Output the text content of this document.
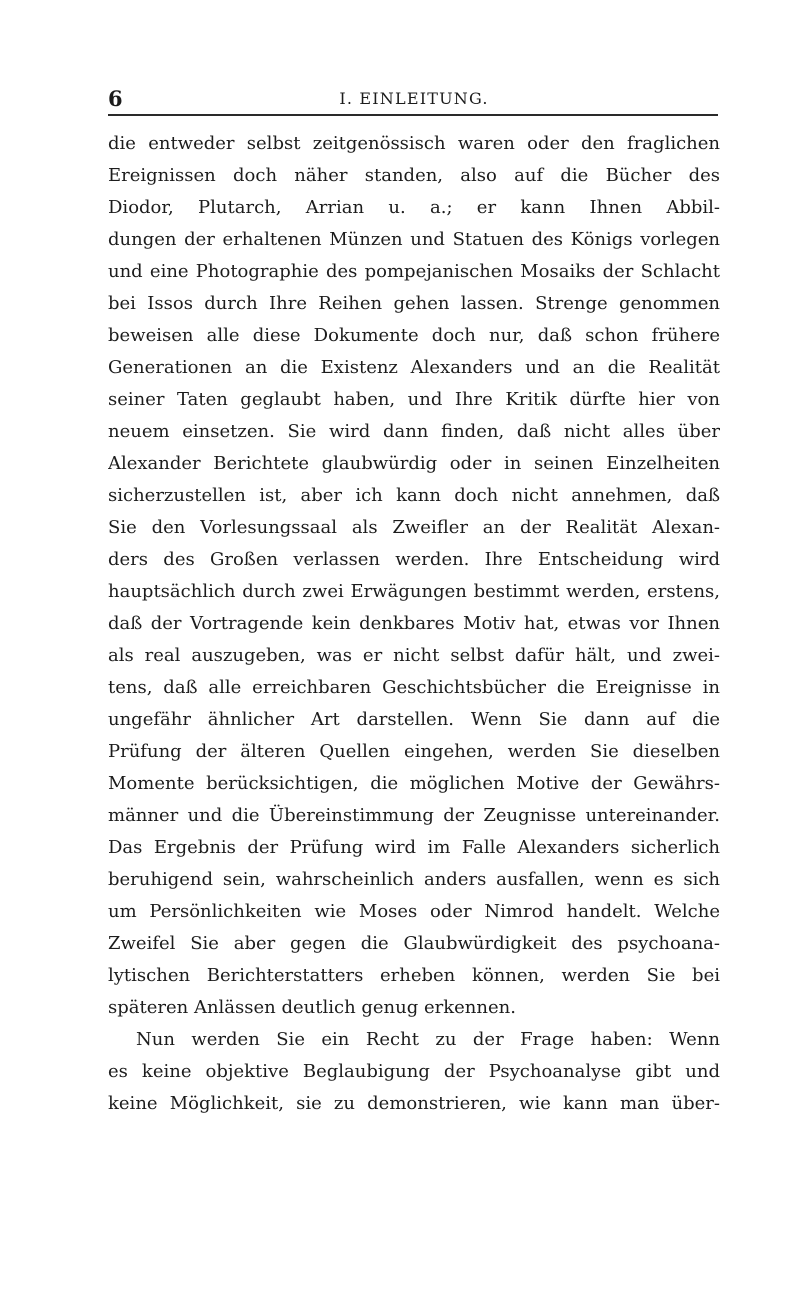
6	I. EINLEITUNG.
die entweder selbst zeitgenössisch waren oder den fraglichen
Ereignissen doch näher standen, also auf die Bücher des
Diodor, Plutarch, Arrian u. a.; er kann Ihnen Abbil-
dungen der erhaltenen Münzen und Statuen des Königs vorlegen
und eine Photographie des pompejanischen Mosaiks der Schlacht
bei Issos durch Ihre Reihen gehen lassen. Strenge genommen
beweisen alle diese Dokumente doch nur, daß schon frühere
Generationen an die Existenz Alexanders und an die Realität
seiner Taten geglaubt haben, und Ihre Kritik dürfte hier von
neuem einsetzen. Sie wird dann finden, daß nicht alles über
Alexander Berichtete glaubwürdig oder in seinen Einzelheiten
sicherzustellen ist, aber ich kann doch nicht annehmen, daß
Sie den Vorlesungssaal als Zweifler an der Realität Alexan-
ders des Großen verlassen werden. Ihre Entscheidung wird
hauptsächlich durch zwei Erwägungen bestimmt werden, erstens,
daß der Vortragende kein denkbares Motiv hat, etwas vor Ihnen
als real auszugeben, was er nicht selbst dafür hält, und zwei-
tens, daß alle erreichbaren Geschichtsbücher die Ereignisse in
ungefähr ähnlicher Art darstellen. Wenn Sie dann auf die
Prüfung der älteren Quellen eingehen, werden Sie dieselben
Momente berücksichtigen, die möglichen Motive der Gewährs-
männer und die Übereinstimmung der Zeugnisse untereinander.
Das Ergebnis der Prüfung wird im Falle Alexanders sicherlich
beruhigend sein, wahrscheinlich anders ausfallen, wenn es sich
um Persönlichkeiten wie Moses oder Nimrod handelt. Welche
Zweifel Sie aber gegen die Glaubwürdigkeit des psychoana-
lytischen Berichterstatters erheben können, werden Sie bei
späteren Anlässen deutlich genug erkennen.
Nun werden Sie ein Recht zu der Frage haben: Wenn
es keine objektive Beglaubigung der Psychoanalyse gibt und
keine Möglichkeit, sie zu demonstrieren, wie kann man über-
